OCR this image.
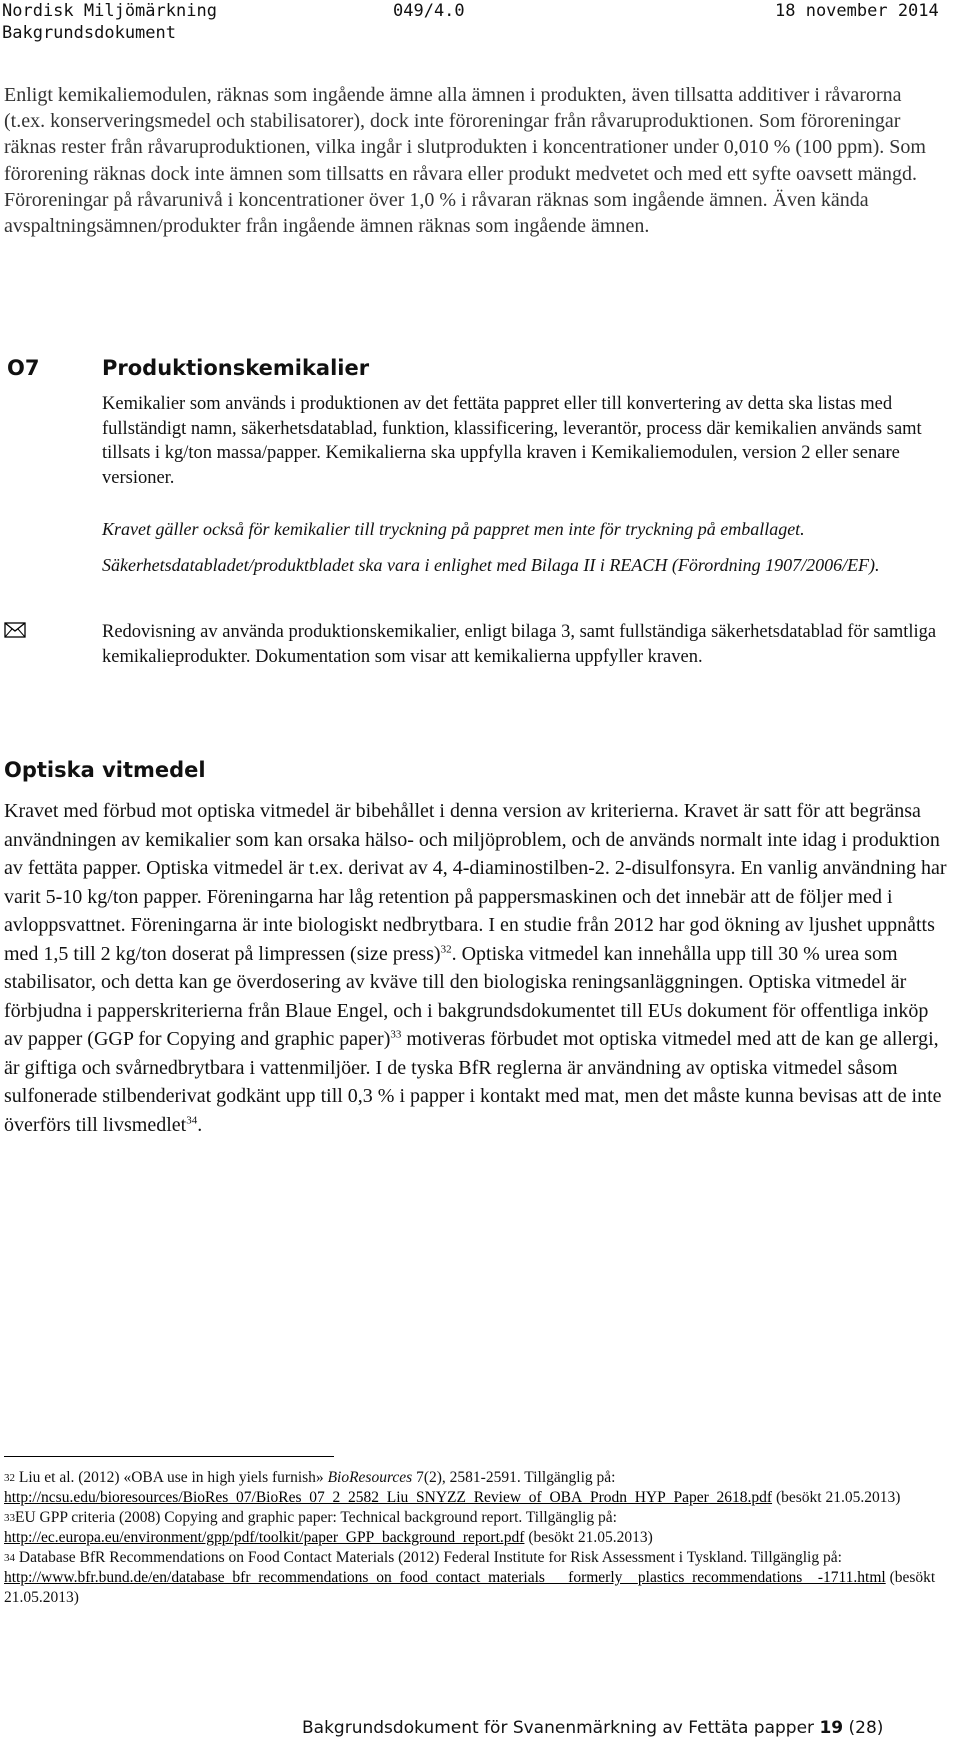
Nordisk Miljömärkning	049/4.0	18 november 2014
Bakgrundsdokument

Enligt kemikaliemodulen, räknas som ingående ämne alla ämnen i produkten, även tillsatta additiver i råvarorna (t.ex. konserveringsmedel och stabilisatorer), dock inte föroreningar från råvaruproduktionen. Som föroreningar räknas rester från råvaruproduktionen, vilka ingår i slutprodukten i koncentrationer under 0,010 % (100 ppm). Som förorening räknas dock inte ämnen som tillsatts en råvara eller produkt medvetet och med ett syfte oavsett mängd. Föroreningar på råvarunivå i koncentrationer över 1,0 % i råvaran räknas som ingående ämnen. Även kända avspaltningsämnen/produkter från ingående ämnen räknas som ingående ämnen.

O7	Produktionskemikalier

Kemikalier som används i produktionen av det fettäta pappret eller till konvertering av detta ska listas med fullständigt namn, säkerhetsdatablad, funktion, klassificering, leverantör, process där kemikalien används samt tillsats i kg/ton massa/papper. Kemikalierna ska uppfylla kraven i Kemikaliemodulen, version 2 eller senare versioner.

Kravet gäller också för kemikalier till tryckning på pappret men inte för tryckning på emballaget.

Säkerhetsdatabladet/produktbladet ska vara i enlighet med Bilaga II i REACH (Förordning 1907/2006/EF).

Redovisning av använda produktionskemikalier, enligt bilaga 3, samt fullständiga säkerhetsdatablad för samtliga kemikalieprodukter. Dokumentation som visar att kemikalierna uppfyller kraven.

Optiska vitmedel

Kravet med förbud mot optiska vitmedel är bibehållet i denna version av kriterierna. Kravet är satt för att begränsa användningen av kemikalier som kan orsaka hälso- och miljöproblem, och de används normalt inte idag i produktion av fettäta papper. Optiska vitmedel är t.ex. derivat av 4, 4-diaminostilben-2. 2-disulfonsyra. En vanlig användning har varit 5-10 kg/ton papper. Föreningarna har låg retention på pappersmaskinen och det innebär att de följer med i avloppsvattnet. Föreningarna är inte biologiskt nedbrytbara. I en studie från 2012 har god ökning av ljushet uppnåtts med 1,5 till 2 kg/ton doserat på limpressen (size press)$^{32}$. Optiska vitmedel kan innehålla upp till 30 % urea som stabilisator, och detta kan ge överdosering av kväve till den biologiska reningsanläggningen. Optiska vitmedel är förbjudna i papperskriterierna från Blaue Engel, och i bakgrundsdokumentet till EUs dokument för offentliga inköp av papper (GGP for Copying and graphic paper)$^{33}$ motiveras förbudet mot optiska vitmedel med att de kan ge allergi, är giftiga och svårnedbrytbara i vattenmiljöer. I de tyska BfR reglerna är användning av optiska vitmedel såsom sulfonerade stilbenderivat godkänt upp till 0,3 % i papper i kontakt med mat, men det måste kunna bevisas att de inte överförs till livsmedlet$^{34}$.

$^{32}$ Liu et al. (2012) «OBA use in high yiels furnish» BioResources 7(2), 2581-2591. Tillgänglig på:
http://ncsu.edu/bioresources/BioRes_07/BioRes_07_2_2582_Liu_SNYZZ_Review_of_OBA_Prodn_HYP_Paper_2618.pdf (besökt 21.05.2013)

$^{33}$EU GPP criteria (2008) Copying and graphic paper: Technical background report. Tillgänglig på:
http://ec.europa.eu/environment/gpp/pdf/toolkit/paper_GPP_background_report.pdf (besökt 21.05.2013)

$^{34}$ Database BfR Recommendations on Food Contact Materials (2012) Federal Institute for Risk Assessment i Tyskland. Tillgänglig på:
http://www.bfr.bund.de/en/database_bfr_recommendations_on_food_contact_materials___formerly__plastics_recommendations__-1711.html (besökt 21.05.2013)

Bakgrundsdokument för Svanenmärkning av Fettäta papper 19 (28)
